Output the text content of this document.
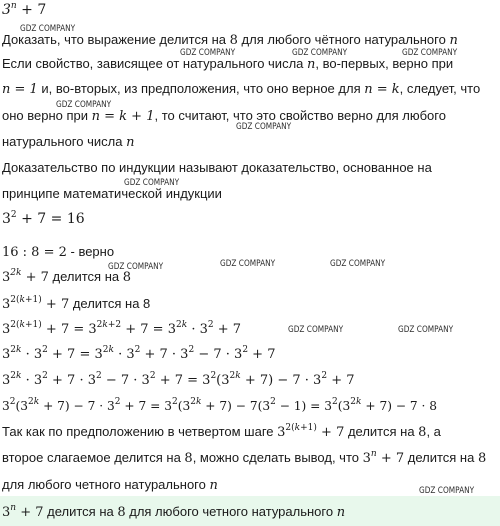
$3^n + 7$
Доказать, что выражение делится на 8 для любого чётного натурального n
Если свойство, зависящее от натурального числа n, во-первых, верно при
n = 1 и, во-вторых, из предположения, что оно верное для n = k, следует, что
оно верно при n = k + 1, то считают, что это свойство верно для любого
натурального числа n
Доказательство по индукции называют доказательство, основанное на
принципе математической индукции
$3^2 + 7 = 16$
16 : 8 = 2 - верно
$3^{2k} + 7$ делится на 8
$3^{2(k+1)} + 7$ делится на 8
$3^{2(k+1)} + 7 = 3^{2k+2} + 7 = 3^{2k} \cdot 3^2 + 7$
$3^{2k} \cdot 3^2 + 7 = 3^{2k} \cdot 3^2 + 7 \cdot 3^2 - 7 \cdot 3^2 + 7$
$3^{2k} \cdot 3^2 + 7 \cdot 3^2 - 7 \cdot 3^2 + 7 = 3^2(3^{2k} + 7) - 7 \cdot 3^2 + 7$
$3^2(3^{2k} + 7) - 7 \cdot 3^2 + 7 = 3^2(3^{2k} + 7) - 7(3^2 - 1) = 3^2(3^{2k} + 7) - 7 \cdot 8$
Так как по предположению в четвертом шаге $3^{2(k+1)} + 7$ делится на 8, а
второе слагаемое делится на 8, можно сделать вывод, что $3^n + 7$ делится на 8
для любого четного натурального n
$3^n + 7$ делится на 8 для любого четного натурального n
GDZ COMPANY
GDZ COMPANY	GDZ COMPANY	GDZ COMPANY
GDZ COMPANY
GDZ COMPANY
GDZ COMPANY
GDZ COMPANY	GDZ COMPANY	GDZ COMPANY
GDZ COMPANY	GDZ COMPANY
GDZ COMPANY
